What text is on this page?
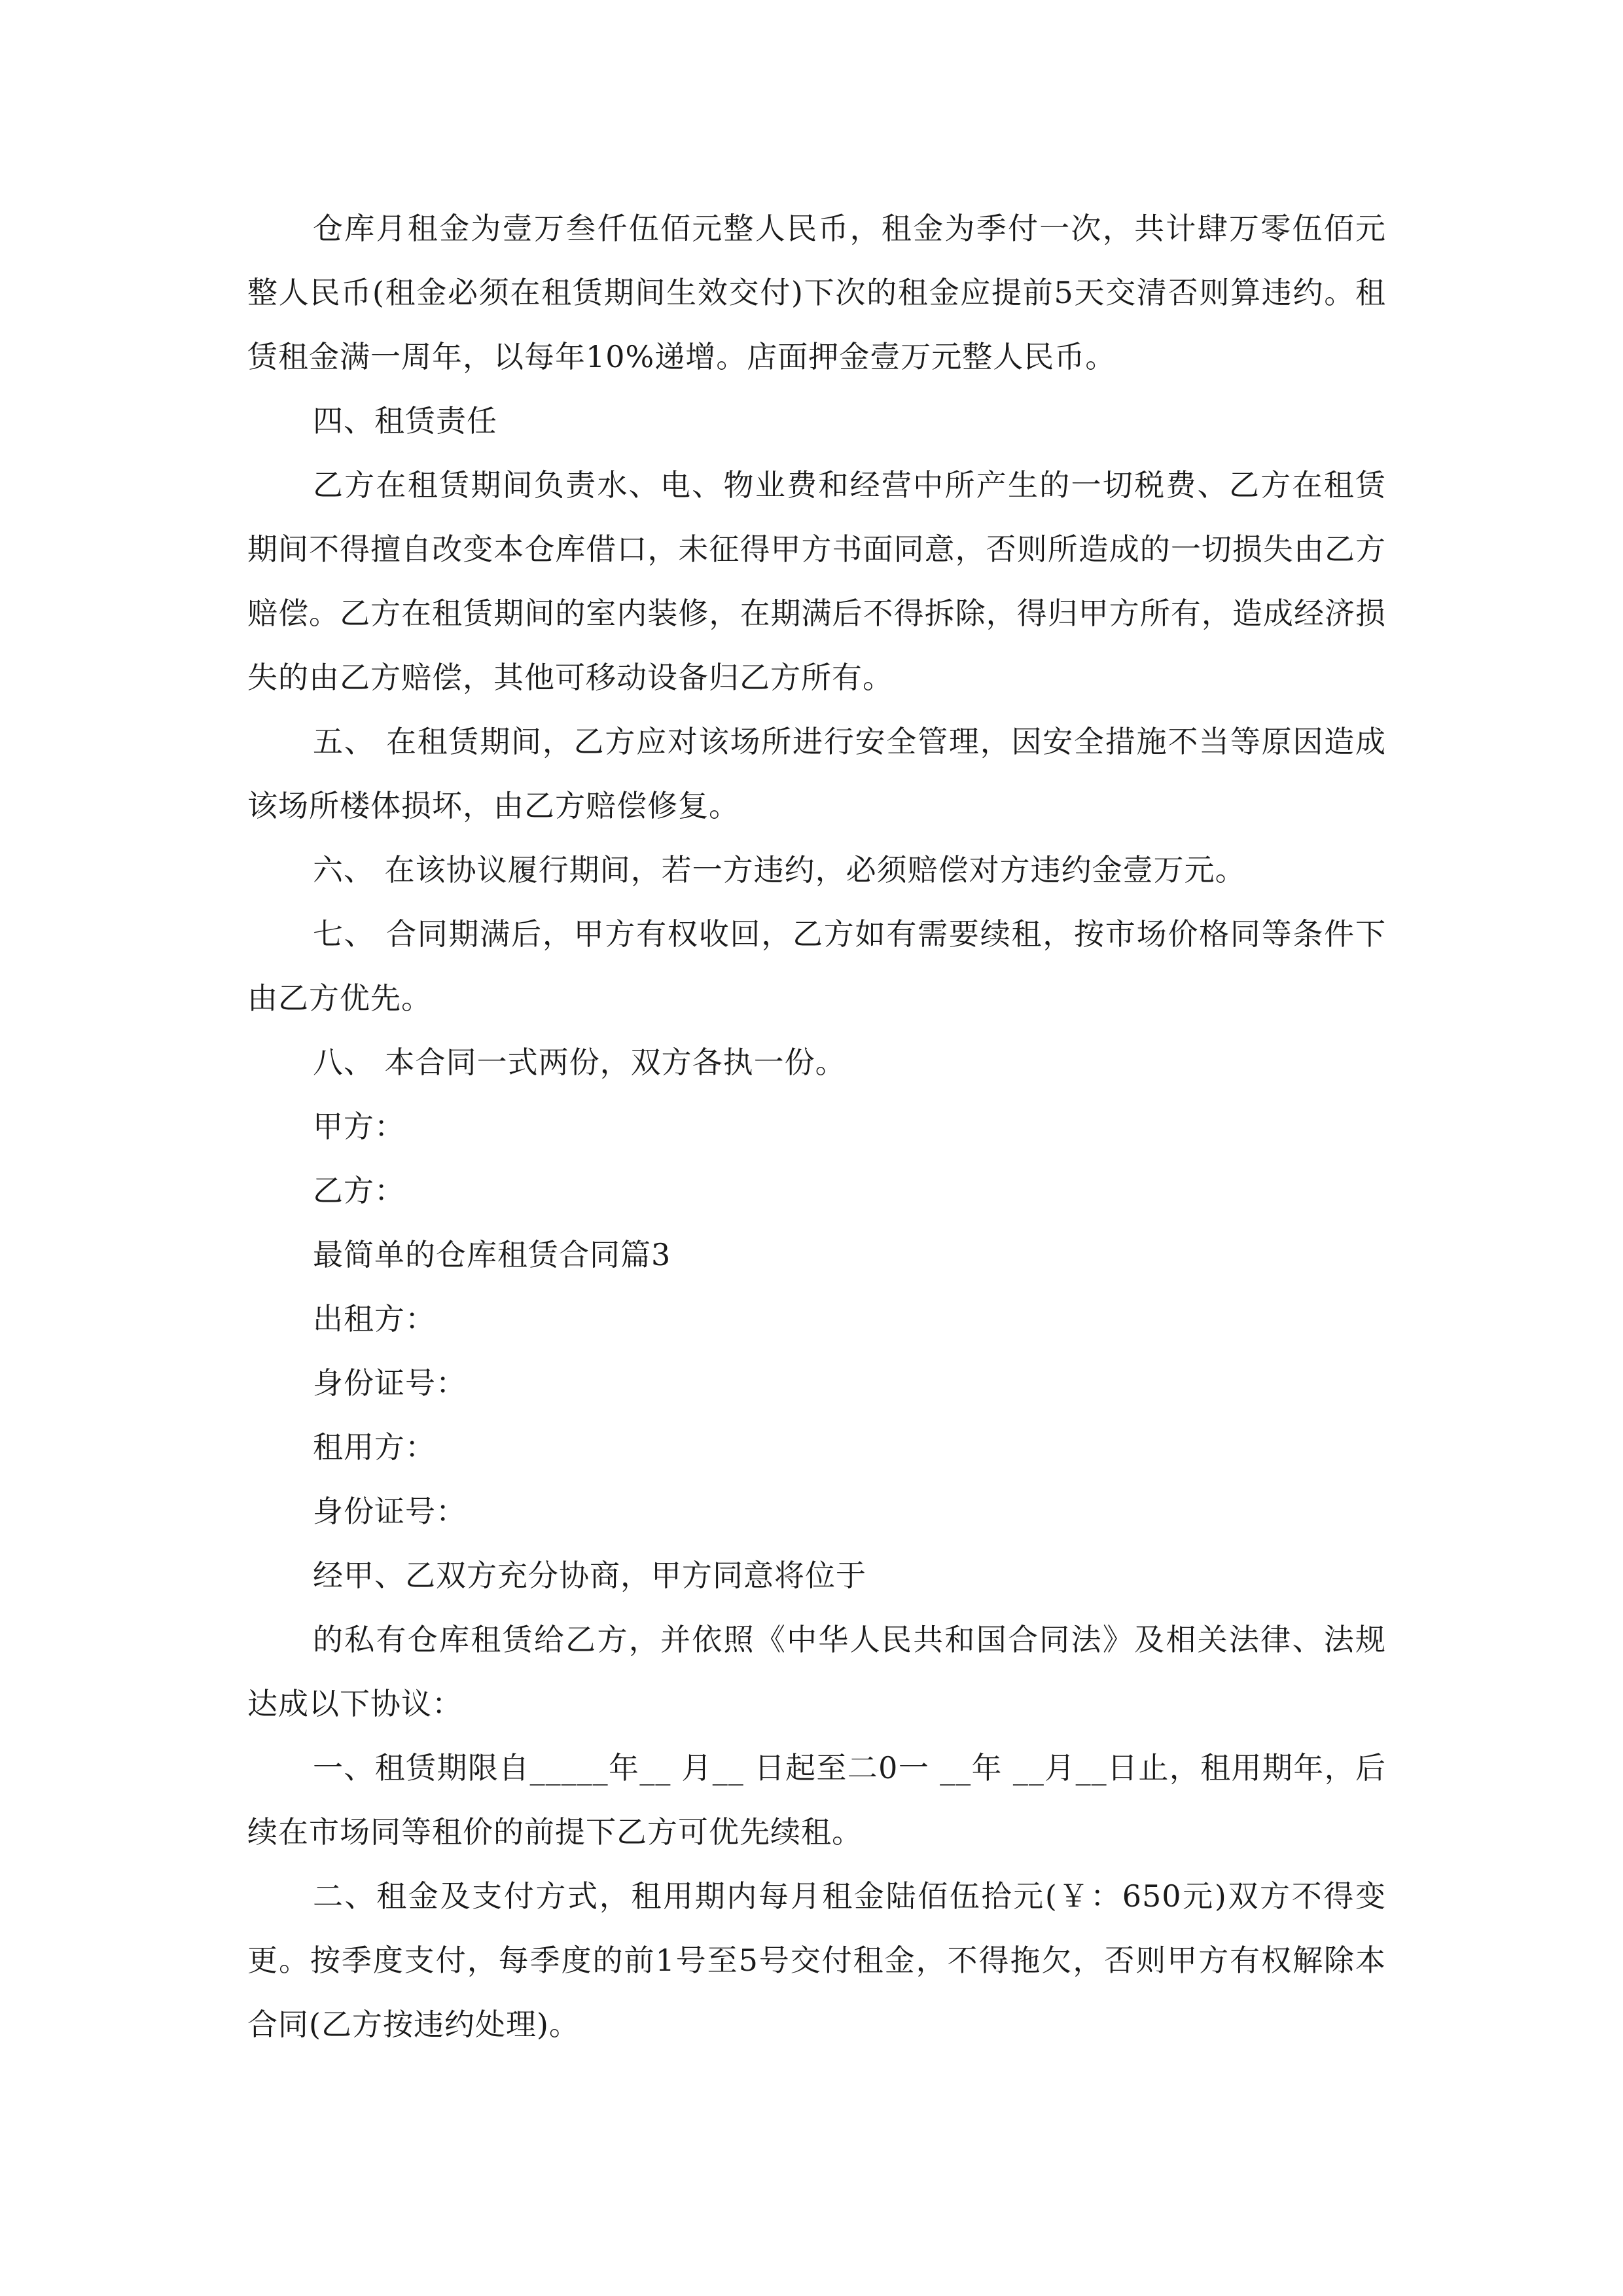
仓库月租金为壹万叁仟伍佰元整人民币，租金为季付一次，共计肆万零伍佰元整人民币(租金必须在租赁期间生效交付)下次的租金应提前5天交清否则算违约。租赁租金满一周年，以每年10%递增。店面押金壹万元整人民币。

四、租赁责任

乙方在租赁期间负责水、电、物业费和经营中所产生的一切税费、乙方在租赁期间不得擅自改变本仓库借口，未征得甲方书面同意，否则所造成的一切损失由乙方赔偿。乙方在租赁期间的室内装修，在期满后不得拆除，得归甲方所有，造成经济损失的由乙方赔偿，其他可移动设备归乙方所有。

五、 在租赁期间，乙方应对该场所进行安全管理，因安全措施不当等原因造成该场所楼体损坏，由乙方赔偿修复。

六、 在该协议履行期间，若一方违约，必须赔偿对方违约金壹万元。

七、 合同期满后，甲方有权收回，乙方如有需要续租，按市场价格同等条件下由乙方优先。

八、 本合同一式两份，双方各执一份。

甲方：

乙方：

最简单的仓库租赁合同篇3

出租方：

身份证号：

租用方：

身份证号：

经甲、乙双方充分协商，甲方同意将位于

的私有仓库租赁给乙方，并依照《中华人民共和国合同法》及相关法律、法规达成以下协议：

一、租赁期限自_____年__ 月__ 日起至二0一 __年 __月__日止，租用期年，后续在市场同等租价的前提下乙方可优先续租。

二、租金及支付方式，租用期内每月租金陆佰伍拾元(￥：650元)双方不得变更。按季度支付，每季度的前1号至5号交付租金，不得拖欠，否则甲方有权解除本合同(乙方按违约处理)。
